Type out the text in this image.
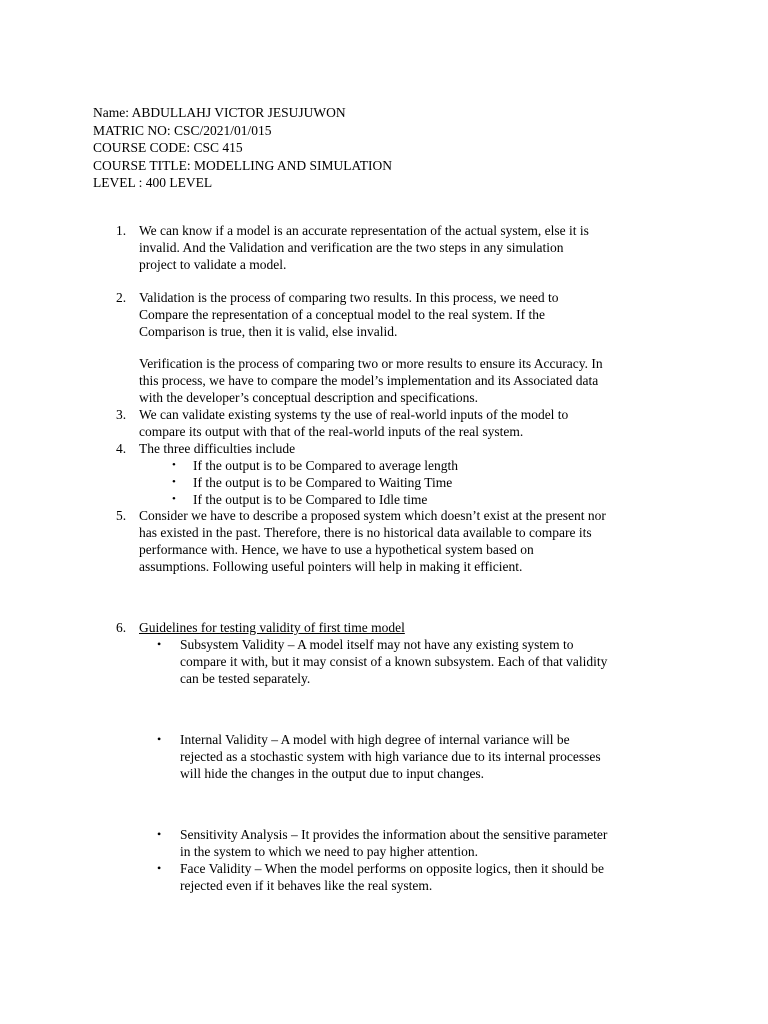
Name: ABDULLAHJ VICTOR JESUJUWON
MATRIC NO: CSC/2021/01/015
COURSE CODE: CSC 415
COURSE TITLE: MODELLING AND SIMULATION
LEVEL : 400 LEVEL
1. We can know if a model is an accurate representation of the actual system, else it is
invalid. And the Validation and verification are the two steps in any simulation
project to validate a model.
2. Validation is the process of comparing two results. In this process, we need to
Compare the representation of a conceptual model to the real system. If the
Comparison is true, then it is valid, else invalid.
Verification is the process of comparing two or more results to ensure its Accuracy. In
this process, we have to compare the model’s implementation and its Associated data
with the developer’s conceptual description and specifications.
3. We can validate existing systems ty the use of real-world inputs of the model to
compare its output with that of the real-world inputs of the real system.
4. The three difficulties include
• If the output is to be Compared to average length
• If the output is to be Compared to Waiting Time
• If the output is to be Compared to Idle time
5. Consider we have to describe a proposed system which doesn’t exist at the present nor
has existed in the past. Therefore, there is no historical data available to compare its
performance with. Hence, we have to use a hypothetical system based on
assumptions. Following useful pointers will help in making it efficient.
6. Guidelines for testing validity of first time model
• Subsystem Validity – A model itself may not have any existing system to
compare it with, but it may consist of a known subsystem. Each of that validity
can be tested separately.
• Internal Validity – A model with high degree of internal variance will be
rejected as a stochastic system with high variance due to its internal processes
will hide the changes in the output due to input changes.
• Sensitivity Analysis – It provides the information about the sensitive parameter
in the system to which we need to pay higher attention.
• Face Validity – When the model performs on opposite logics, then it should be
rejected even if it behaves like the real system.
